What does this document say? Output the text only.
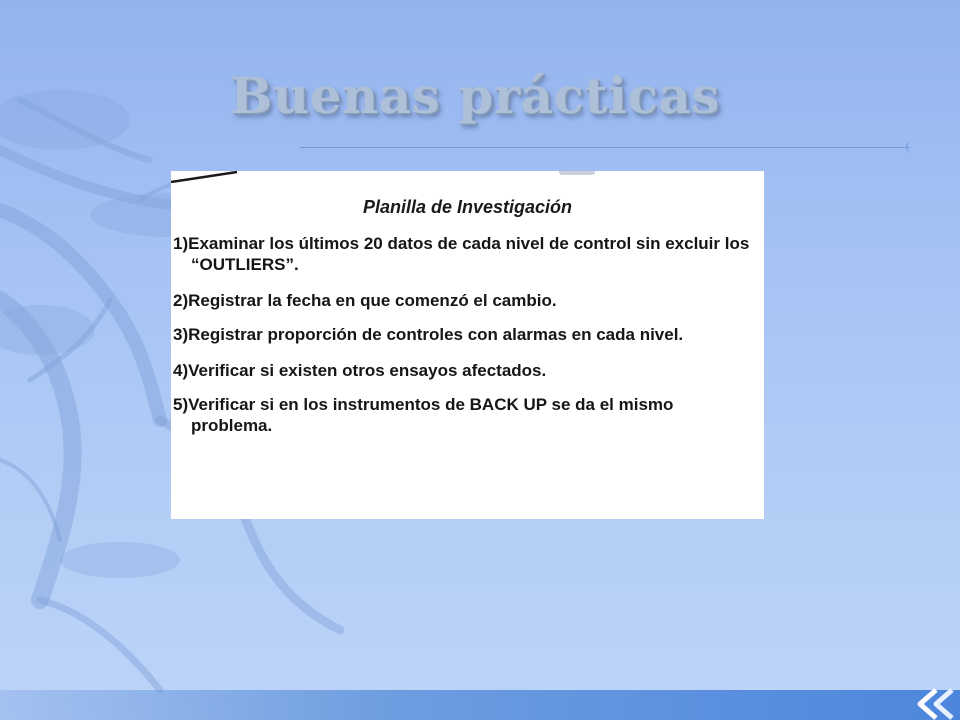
Buenas prácticas
Planilla de Investigación
1)Examinar los últimos 20 datos de cada nivel de control sin excluir los “OUTLIERS”.
2)Registrar la fecha en que comenzó el cambio.
3)Registrar proporción de controles con alarmas en cada nivel.
4)Verificar si existen otros ensayos afectados.
5)Verificar si en los instrumentos de BACK UP se da el mismo problema.
